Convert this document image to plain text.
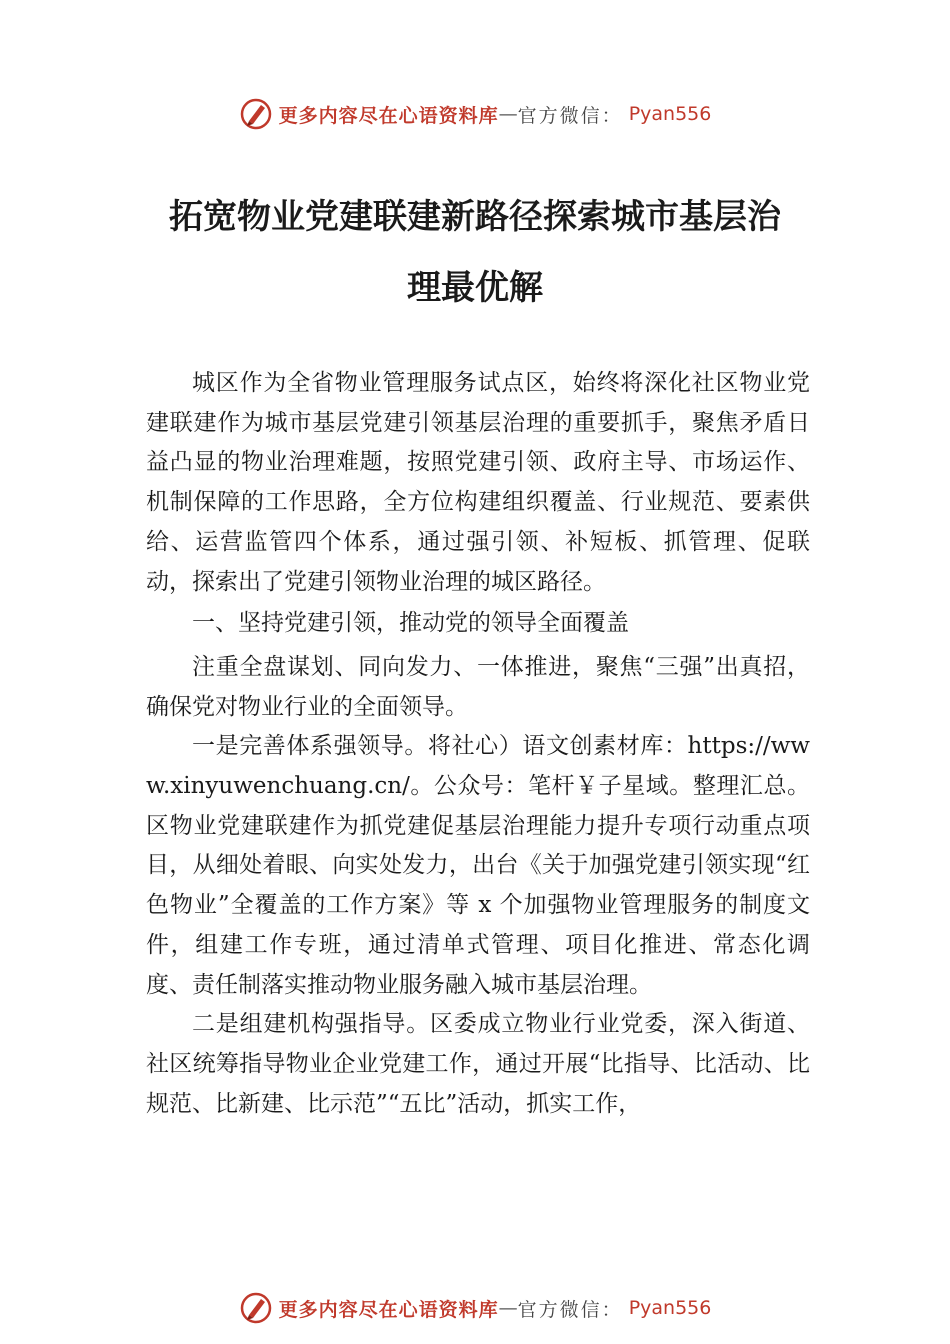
更多内容尽在心语资料库 — 官方微信： Pyan556
拓宽物业党建联建新路径探索城市基层治
理最优解

城区作为全省物业管理服务试点区，始终将深化社区物业党建联建作为城市基层党建引领基层治理的重要抓手，聚焦矛盾日益凸显的物业治理难题，按照党建引领、政府主导、市场运作、机制保障的工作思路，全方位构建组织覆盖、行业规范、要素供给、运营监管四个体系，通过强引领、补短板、抓管理、促联动，探索出了党建引领物业治理的城区路径。

一、坚持党建引领，推动党的领导全面覆盖

注重全盘谋划、同向发力、一体推进，聚焦“三强”出真招，确保党对物业行业的全面领导。

一是完善体系强领导。将社心）语文创素材库：https://www.xinyuwenchuang.cn/。公众号：笔杆￥子星域。整理汇总。区物业党建联建作为抓党建促基层治理能力提升专项行动重点项目，从细处着眼、向实处发力，出台《关于加强党建引领实现“红色物业”全覆盖的工作方案》等 x 个加强物业管理服务的制度文件，组建工作专班，通过清单式管理、项目化推进、常态化调度、责任制落实推动物业服务融入城市基层治理。

二是组建机构强指导。区委成立物业行业党委，深入街道、社区统筹指导物业企业党建工作，通过开展“比指导、比活动、比规范、比新建、比示范”“五比”活动，抓实工作，

更多内容尽在心语资料库 — 官方微信： Pyan556
